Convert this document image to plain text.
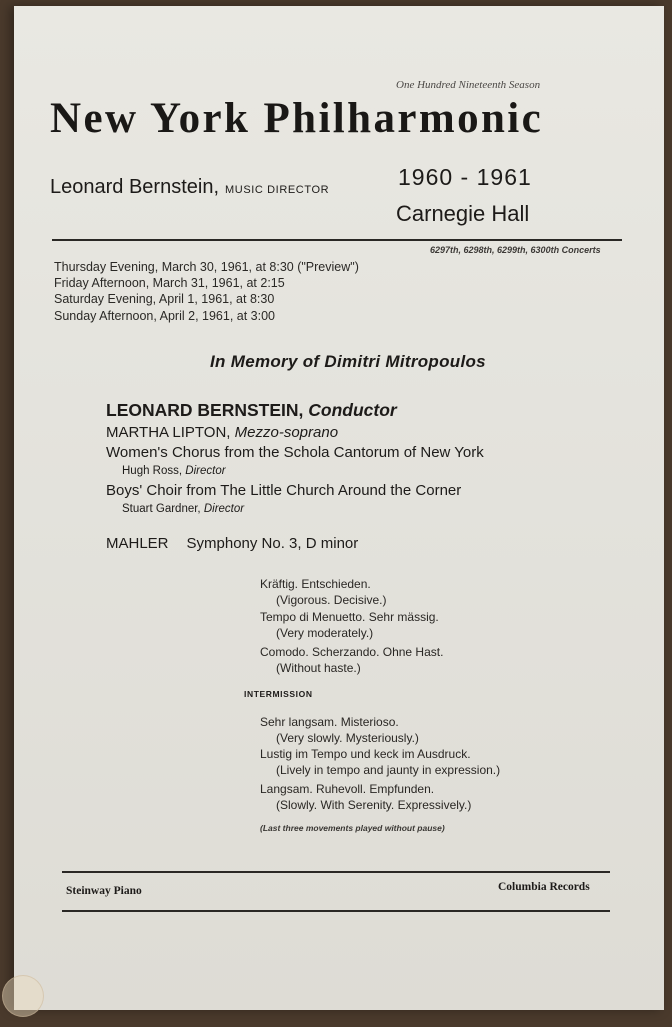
One Hundred Nineteenth Season
New York Philharmonic
Leonard Bernstein, MUSIC DIRECTOR	1960 - 1961
Carnegie Hall
6297th, 6298th, 6299th, 6300th Concerts
Thursday Evening, March 30, 1961, at 8:30 ("Preview")
Friday Afternoon, March 31, 1961, at 2:15
Saturday Evening, April 1, 1961, at 8:30
Sunday Afternoon, April 2, 1961, at 3:00
In Memory of Dimitri Mitropoulos
LEONARD BERNSTEIN, Conductor
MARTHA LIPTON, Mezzo-soprano
Women's Chorus from the Schola Cantorum of New York
Hugh Ross, Director
Boys' Choir from The Little Church Around the Corner
Stuart Gardner, Director
MAHLER Symphony No. 3, D minor
Kräftig. Entschieden.
(Vigorous. Decisive.)
Tempo di Menuetto. Sehr mässig.
(Very moderately.)
Comodo. Scherzando. Ohne Hast.
(Without haste.)
INTERMISSION
Sehr langsam. Misterioso.
(Very slowly. Mysteriously.)
Lustig im Tempo und keck im Ausdruck.
(Lively in tempo and jaunty in expression.)
Langsam. Ruhevoll. Empfunden.
(Slowly. With Serenity. Expressively.)
(Last three movements played without pause)
Steinway Piano	Columbia Records
